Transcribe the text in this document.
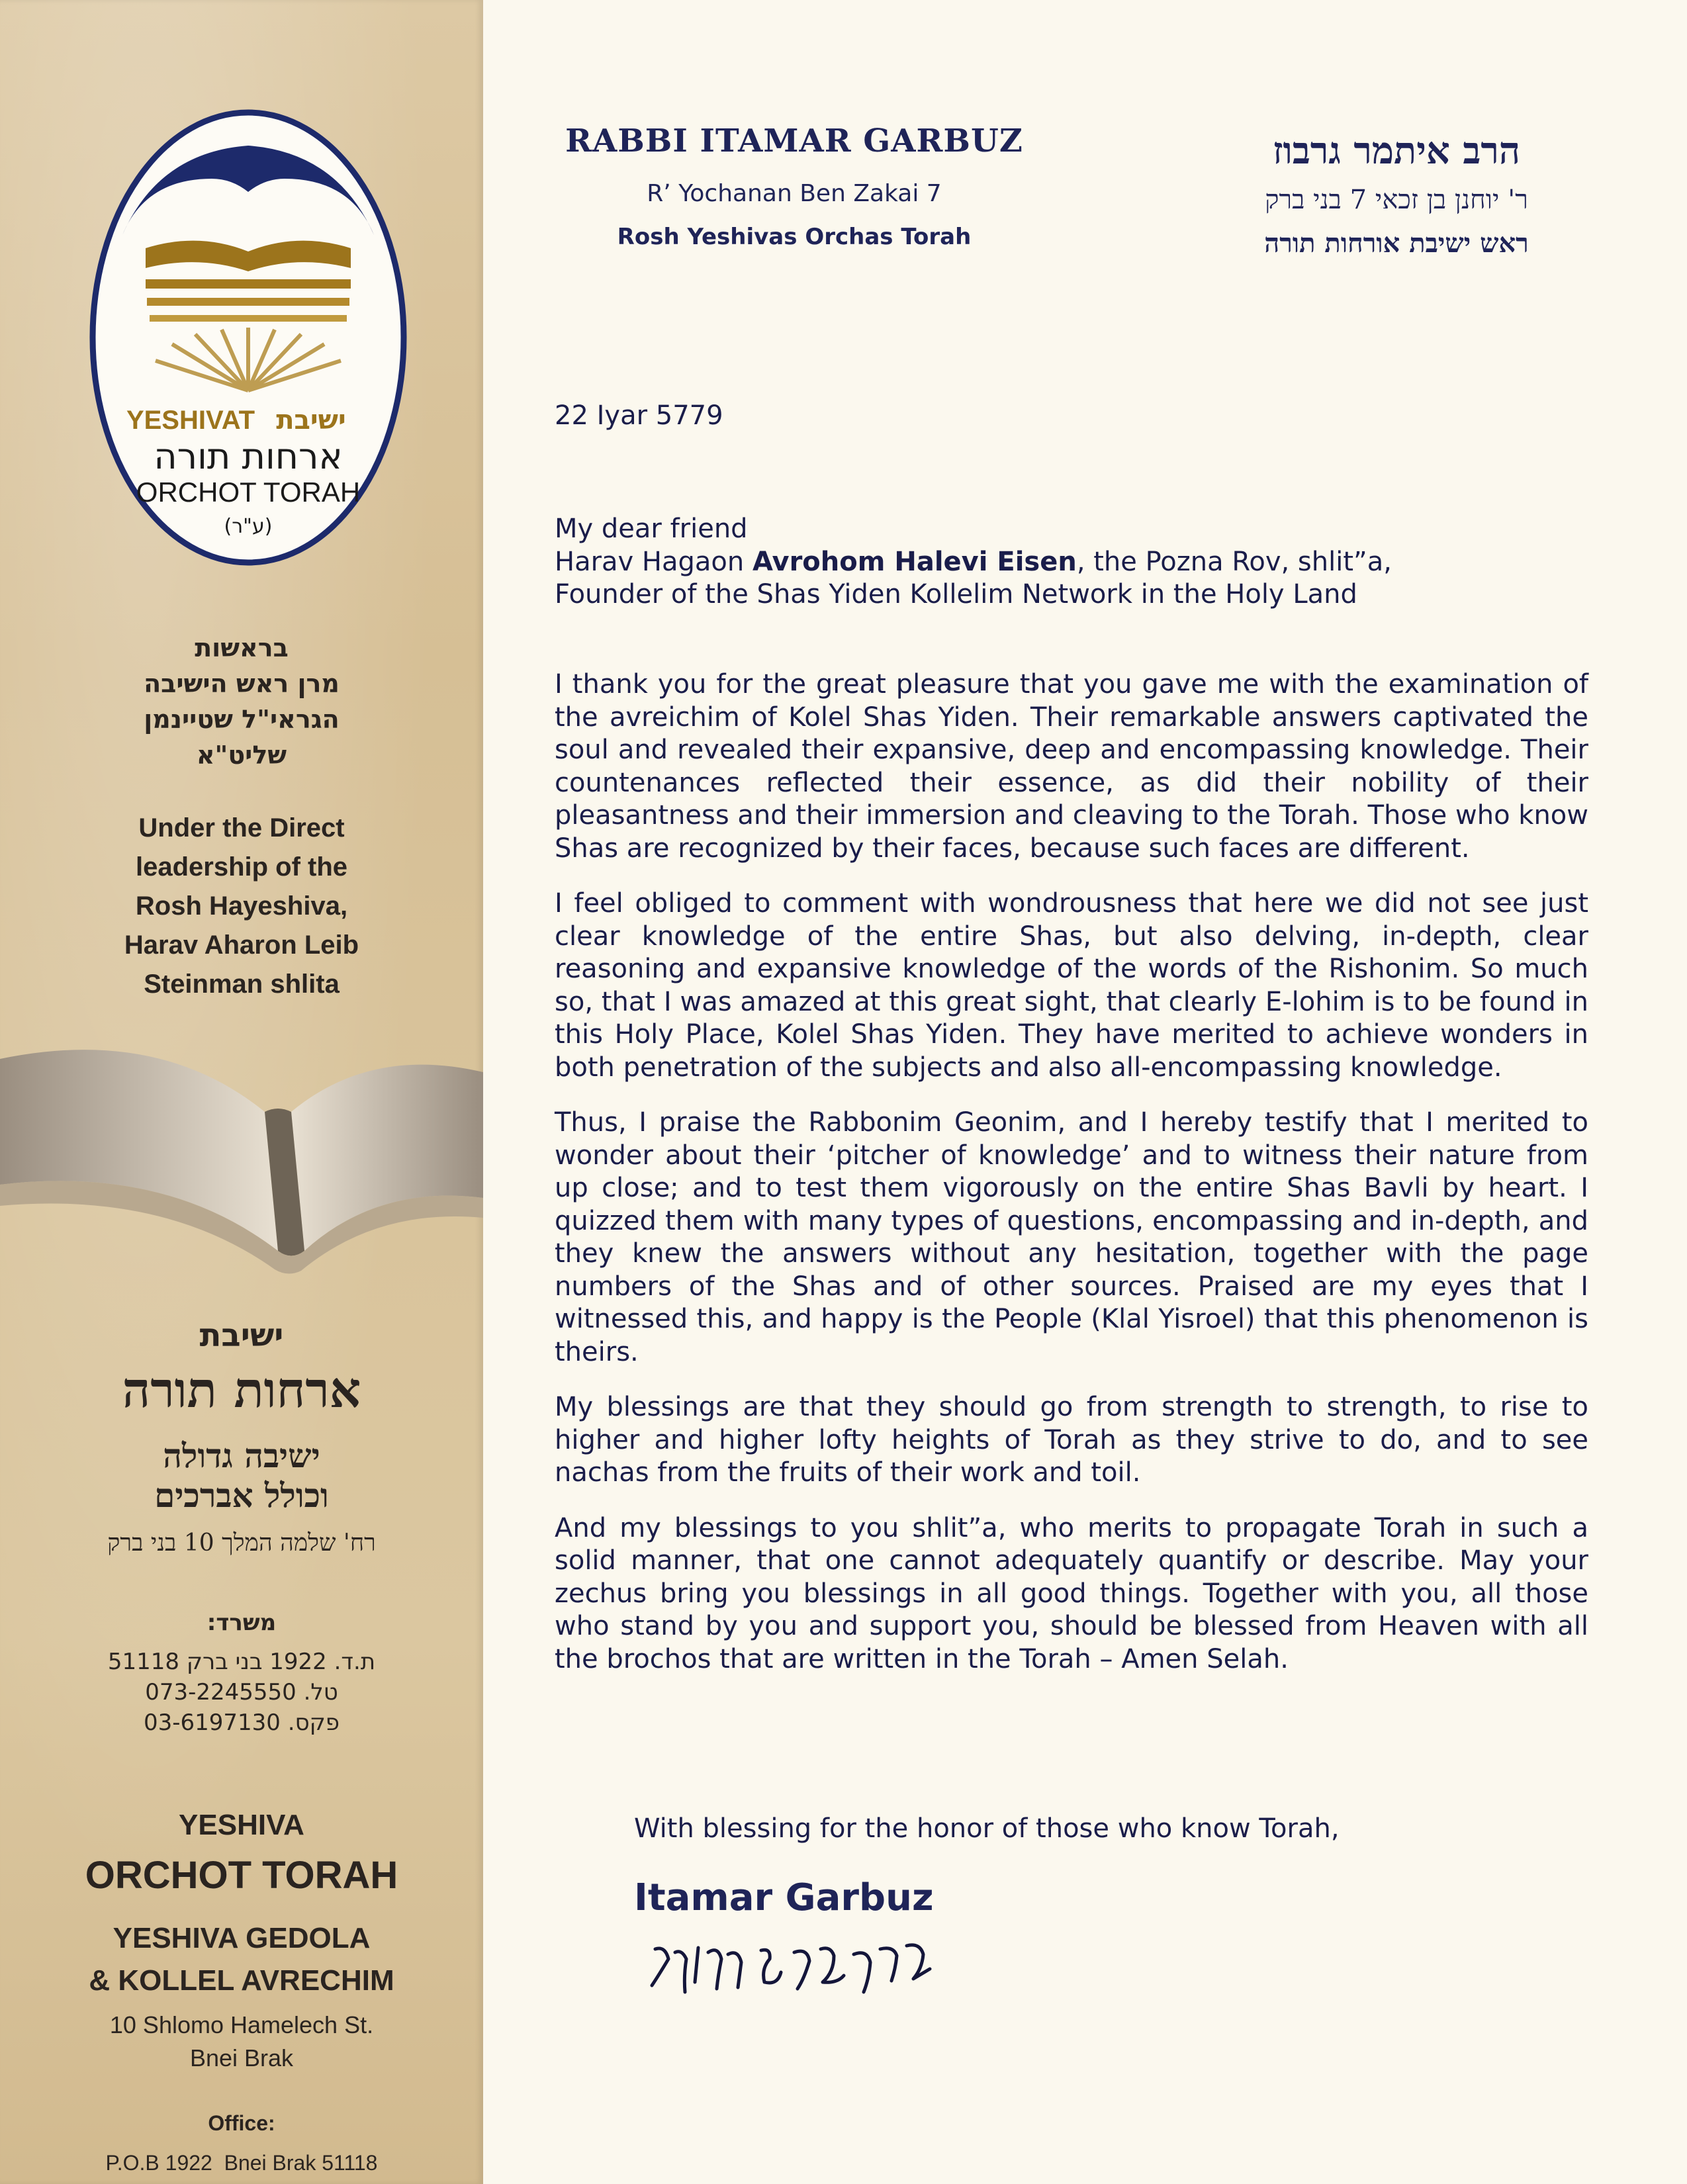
YESHIVAT ישיבת
ארחות תורה
ORCHOT TORAH
(ע"ר)
בראשות
מרן ראש הישיבה
הגראי"ל שטיינמן
שליט"א
Under the Direct
leadership of the
Rosh Hayeshiva,
Harav Aharon Leib
Steinman shlita
ישיבת
ארחות תורה
ישיבה גדולה
וכולל אברכים
רח' שלמה המלך 10 בני ברק
משרד:
ת.ד. 1922 בני ברק 51118
טל. 073-2245550
פקס. 03-6197130
YESHIVA
ORCHOT TORAH
YESHIVA GEDOLA
& KOLLEL AVRECHIM
10 Shlomo Hamelech St.
Bnei Brak
Office:
P.O.B 1922  Bnei Brak 51118
RABBI ITAMAR GARBUZ
R’ Yochanan Ben Zakai 7
Rosh Yeshivas Orchas Torah
הרב איתמר גרבוז
ר' יוחנן בן זכאי 7 בני ברק
ראש ישיבת אורחות תורה
22 Iyar 5779
My dear friend
Harav Hagaon Avrohom Halevi Eisen, the Pozna Rov, shlit”a,
Founder of the Shas Yiden Kollelim Network in the Holy Land

I thank you for the great pleasure that you gave me with the examination of the avreichim of Kolel Shas Yiden. Their remarkable answers captivated the soul and revealed their expansive, deep and encompassing knowledge. Their countenances reflected their essence, as did their nobility of their pleasantness and their immersion and cleaving to the Torah. Those who know Shas are recognized by their faces, because such faces are different.

I feel obliged to comment with wondrousness that here we did not see just clear knowledge of the entire Shas, but also delving, in-depth, clear reasoning and expansive knowledge of the words of the Rishonim. So much so, that I was amazed at this great sight, that clearly E-lohim is to be found in this Holy Place, Kolel Shas Yiden. They have merited to achieve wonders in both penetration of the subjects and also all-encompassing knowledge.

Thus, I praise the Rabbonim Geonim, and I hereby testify that I merited to wonder about their ‘pitcher of knowledge’ and to witness their nature from up close; and to test them vigorously on the entire Shas Bavli by heart. I quizzed them with many types of questions, encompassing and in-depth, and they knew the answers without any hesitation, together with the page numbers of the Shas and of other sources. Praised are my eyes that I witnessed this, and happy is the People (Klal Yisroel) that this phenomenon is theirs.

My blessings are that they should go from strength to strength, to rise to higher and higher lofty heights of Torah as they strive to do, and to see nachas from the fruits of their work and toil.

And my blessings to you shlit”a, who merits to propagate Torah in such a solid manner, that one cannot adequately quantify or describe. May your zechus bring you blessings in all good things. Together with you, all those who stand by you and support you, should be blessed from Heaven with all the brochos that are written in the Torah – Amen Selah.

With blessing for the honor of those who know Torah,
Itamar Garbuz
